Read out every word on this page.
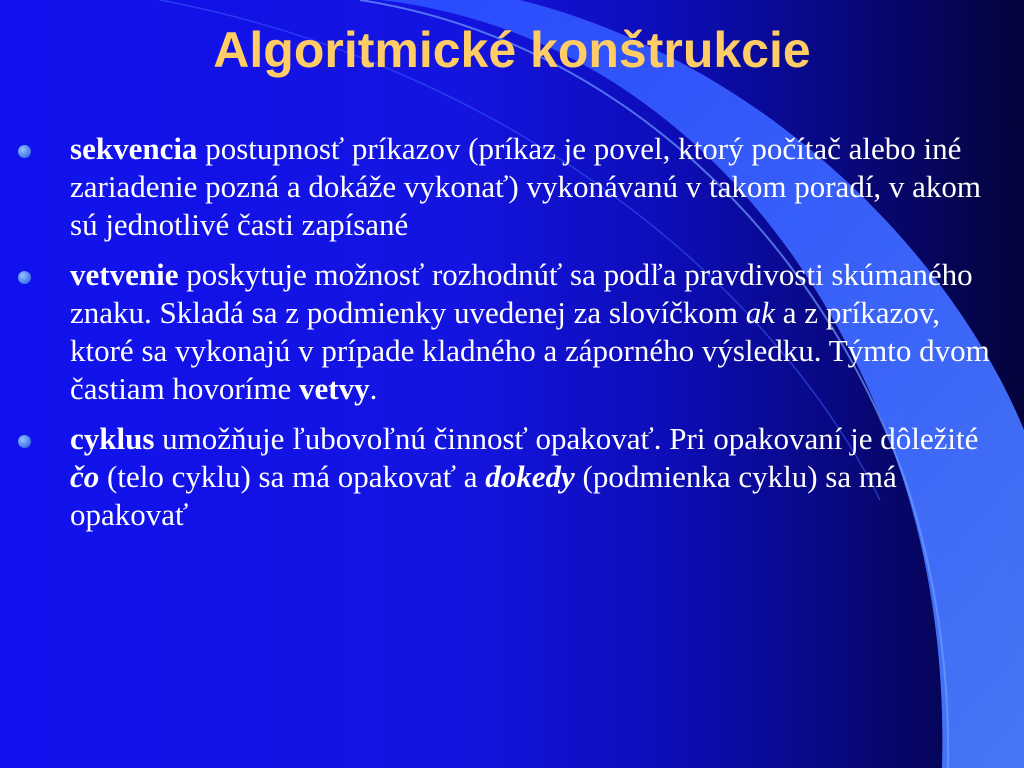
Algoritmické konštrukcie
sekvencia postupnosť príkazov (príkaz je povel, ktorý počítač alebo iné zariadenie pozná a dokáže vykonať) vykonávanú v takom poradí, v akom sú jednotlivé časti zapísané
vetvenie poskytuje možnosť rozhodnúť sa podľa pravdivosti skúmaného znaku. Skladá sa z podmienky uvedenej za slovíčkom ak a z príkazov, ktoré sa vykonajú v prípade kladného a záporného výsledku. Týmto dvom častiam hovoríme vetvy.
cyklus umožňuje ľubovoľnú činnosť opakovať. Pri opakovaní je dôležité čo (telo cyklu) sa má opakovať a dokedy (podmienka cyklu) sa má opakovať
